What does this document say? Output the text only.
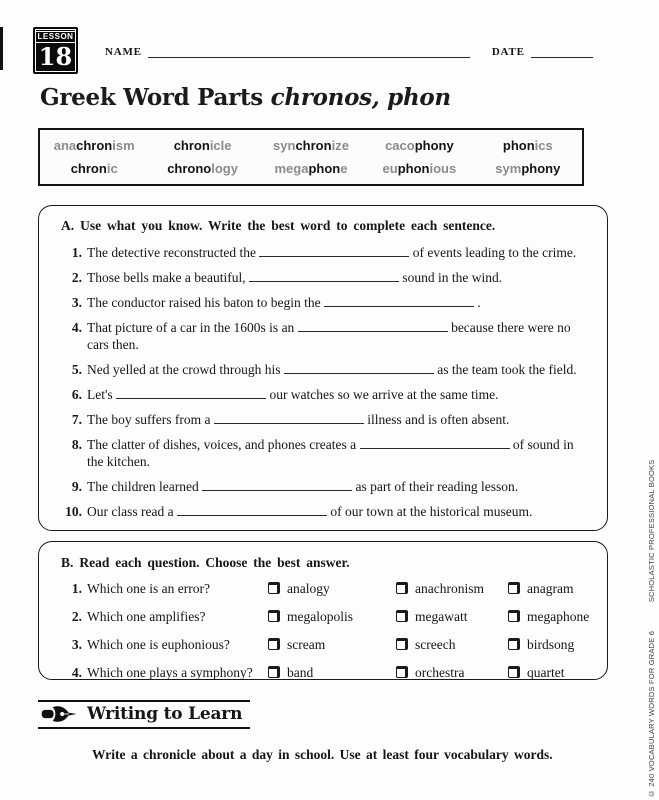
LESSON
18	NAME	DATE
Greek Word Parts chronos, phon
anachronism	chronicle	synchronize	cacophony	phonics
chronic	chronology	megaphone	euphonious	symphony
A. Use what you know. Write the best word to complete each sentence.
1. The detective reconstructed the	of events leading to the crime.
2. Those bells make a beautiful,	sound in the wind.
3. The conductor raised his baton to begin the	.
4. That picture of a car in the 1600s is an	because there were no cars then.
5. Ned yelled at the crowd through his	as the team took the field.
6. Let's	our watches so we arrive at the same time.
7. The boy suffers from a	illness and is often absent.
8. The clatter of dishes, voices, and phones creates a	of sound in the kitchen.
9. The children learned	as part of their reading lesson.
10. Our class read a	of our town at the historical museum.
B. Read each question. Choose the best answer.
1. Which one is an error?	analogy	anachronism	anagram
2. Which one amplifies?	megalopolis	megawatt	megaphone
3. Which one is euphonious?	scream	screech	birdsong
4. Which one plays a symphony?	band	orchestra	quartet
Writing to Learn
Write a chronicle about a day in school. Use at least four vocabulary words.	© 240 VOCABULARY WORDS FOR GRADE 6 SCHOLASTIC PROFESSIONAL BOOKS
